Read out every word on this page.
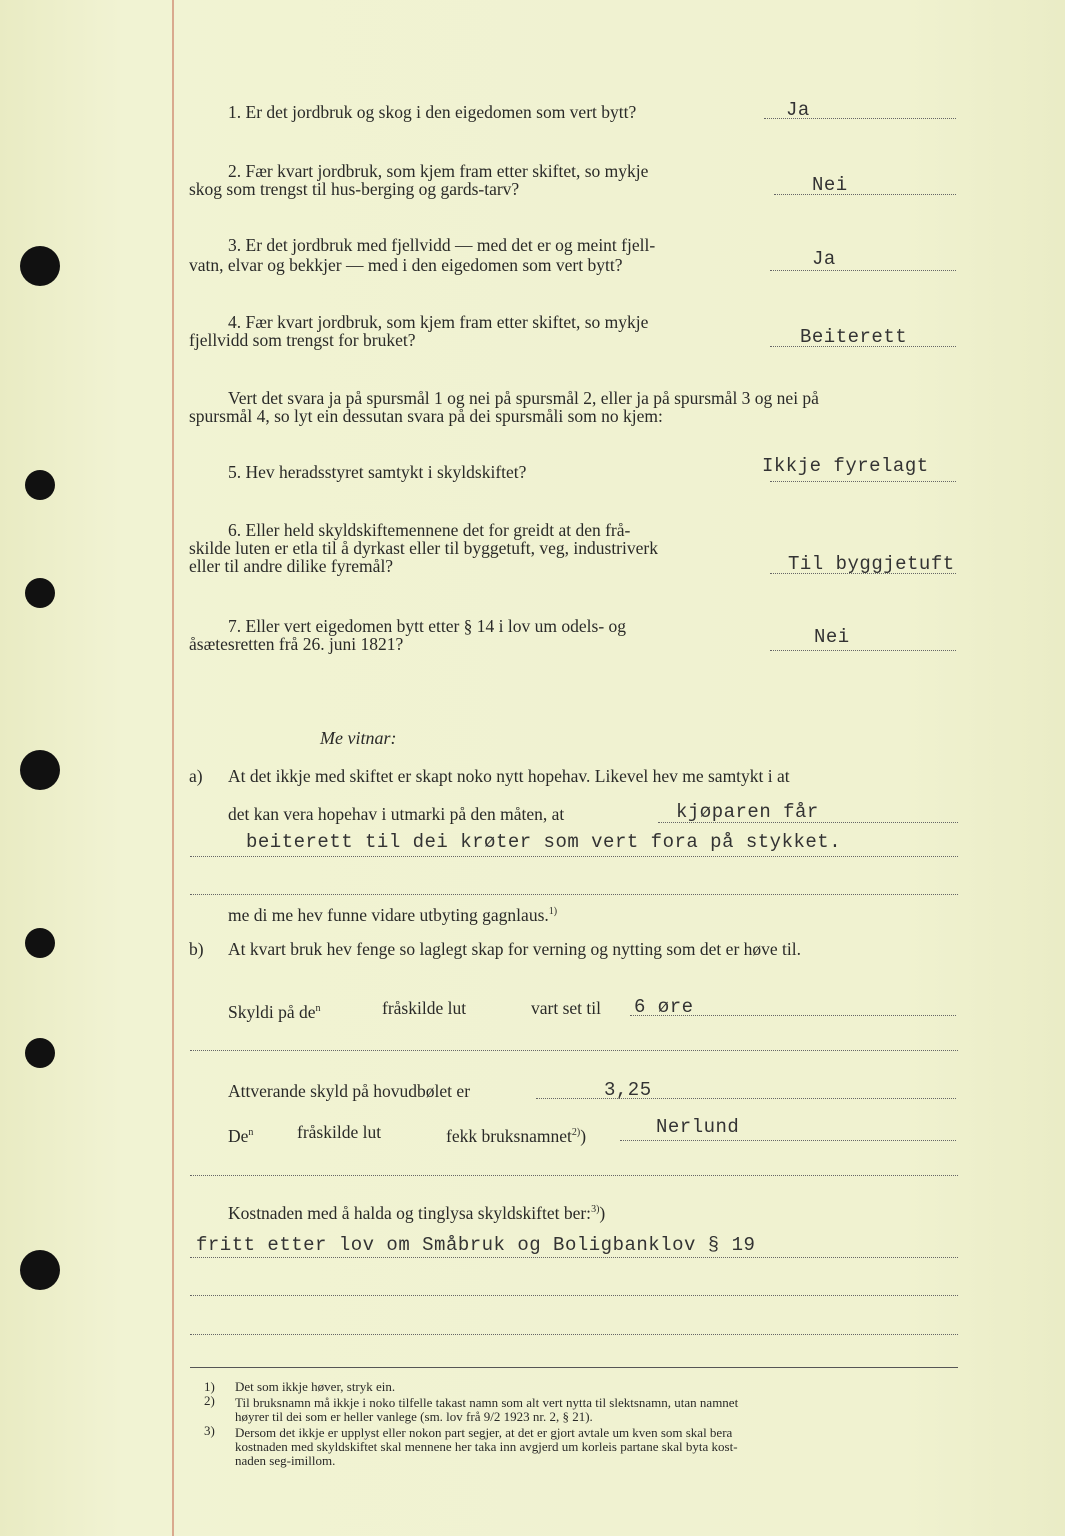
1. Er det jordbruk og skog i den eigedomen som vert bytt?	Ja
2. Fær kvart jordbruk, som kjem fram etter skiftet, so mykje
skog som trengst til hus-berging og gards-tarv?	Nei
3. Er det jordbruk med fjellvidd — med det er og meint fjell-
vatn, elvar og bekkjer — med i den eigedomen som vert bytt?	Ja
4. Fær kvart jordbruk, som kjem fram etter skiftet, so mykje
fjellvidd som trengst for bruket?	Beiterett
Vert det svara ja på spursmål 1 og nei på spursmål 2, eller ja på spursmål 3 og nei på
spursmål 4, so lyt ein dessutan svara på dei spursmåli som no kjem:
5. Hev heradsstyret samtykt i skyldskiftet?	Ikkje fyrelagt
6. Eller held skyldskiftemennene det for greidt at den frå-
skilde luten er etla til å dyrkast eller til byggetuft, veg, industriverk
eller til andre dilike fyremål?	Til byggjetuft
7. Eller vert eigedomen bytt etter § 14 i lov um odels- og
åsætesretten frå 26. juni 1821?	Nei
Me vitnar:
a) At det ikkje med skiftet er skapt noko nytt hopehav. Likevel hev me samtykt i at
det kan vera hopehav i utmarki på den måten, at	kjøparen får
beiterett til dei krøter som vert fora på stykket.
me di me hev funne vidare utbyting gagnlaus.$^{1)}$
b) At kvart bruk hev fenge so laglegt skap for verning og nytting som det er høve til.
Skyldi på $de^n$	fråskilde lut	vart set til 6 øre
Attverande skyld på hovudbølet er	3,25
De$^n$ fråskilde lut	fekk bruksnamnet$^{2)}$)	Nerlund
Kostnaden med å halda og tinglysa skyldskiftet ber:$^{3)}$)
fritt etter lov om Småbruk og Boligbanklov § 19
1) Det som ikkje høver, stryk ein.
2) Til bruksnamn må ikkje i noko tilfelle takast namn som alt vert nytta til slektsnamn, utan namnet
høyrer til dei som er heller vanlege (sm. lov frå 9/2 1923 nr. 2, § 21).
3) Dersom det ikkje er upplyst eller nokon part segjer, at det er gjort avtale um kven som skal bera
kostnaden med skyldskiftet skal mennene her taka inn avgjerd um korleis partane skal byta kost-
naden seg-imillom.
